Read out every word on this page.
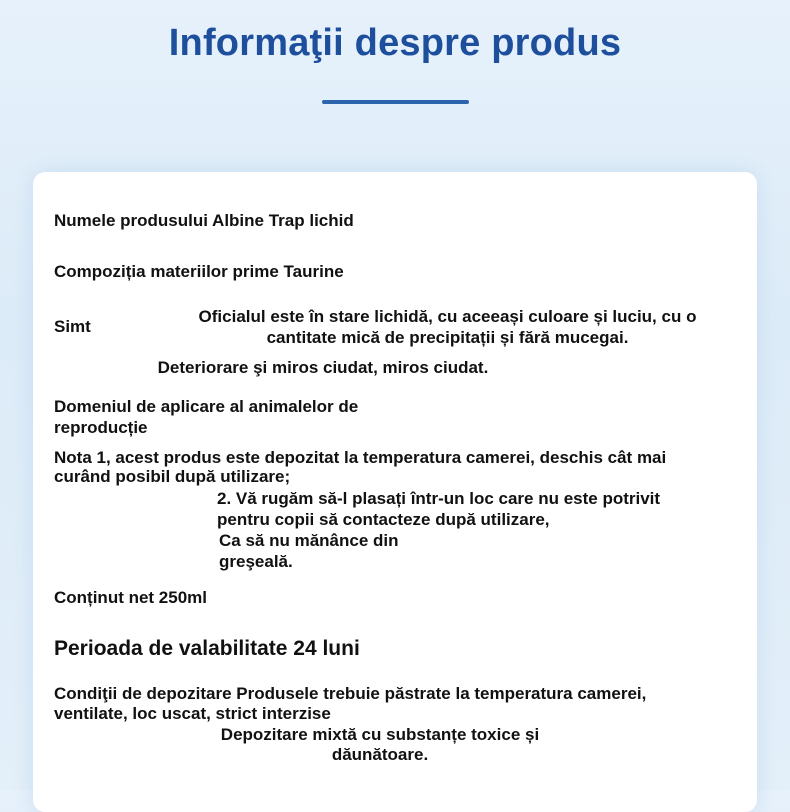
Informaţii despre produs

Numele produsului Albine Trap lichid

Compoziția materiilor prime Taurine

Simt

Oficialul este în stare lichidă, cu aceeași culoare și luciu, cu o

cantitate mică de precipitații și fără mucegai.

Deteriorare şi miros ciudat, miros ciudat.

Domeniul de aplicare al animalelor de

reproducție

Nota 1, acest produs este depozitat la temperatura camerei, deschis cât mai

curând posibil după utilizare;

2. Vă rugăm să-l plasați într-un loc care nu este potrivit

pentru copii să contacteze după utilizare,

Ca să nu mănânce din

greşeală.

Conținut net 250ml

Perioada de valabilitate 24 luni

Condiţii de depozitare Produsele trebuie păstrate la temperatura camerei,

ventilate, loc uscat, strict interzise

Depozitare mixtă cu substanțe toxice și

dăunătoare.
